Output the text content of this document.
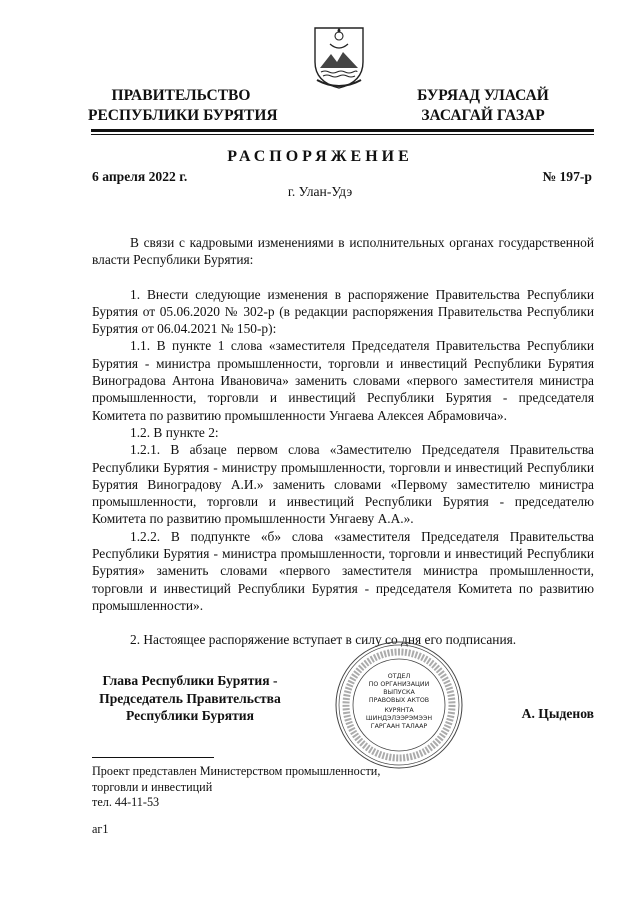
ПРАВИТЕЛЬСТВО
РЕСПУБЛИКИ БУРЯТИЯ
БУРЯАД УЛАСАЙ
ЗАСАГАЙ ГАЗАР
РАСПОРЯЖЕНИЕ
6 апреля 2022 г.	№ 197-р
г. Улан-Удэ

В связи с кадровыми изменениями в исполнительных органах государственной власти Республики Бурятия:

1. Внести следующие изменения в распоряжение Правительства Республики Бурятия от 05.06.2020 № 302-р (в редакции распоряжения Правительства Республики Бурятия от 06.04.2021 № 150-р):

1.1. В пункте 1 слова «заместителя Председателя Правительства Республики Бурятия - министра промышленности, торговли и инвестиций Республики Бурятия Виноградова Антона Ивановича» заменить словами «первого заместителя министра промышленности, торговли и инвестиций Республики Бурятия - председателя Комитета по развитию промышленности Унгаева Алексея Абрамовича».

1.2. В пункте 2:

1.2.1. В абзаце первом слова «Заместителю Председателя Правительства Республики Бурятия - министру промышленности, торговли и инвестиций Республики Бурятия Виноградову А.И.» заменить словами «Первому заместителю министра промышленности, торговли и инвестиций Республики Бурятия - председателю Комитета по развитию промышленности Унгаеву А.А.».

1.2.2. В подпункте «б» слова «заместителя Председателя Правительства Республики Бурятия - министра промышленности, торговли и инвестиций Республики Бурятия» заменить словами «первого заместителя министра промышленности, торговли и инвестиций Республики Бурятия - председателя Комитета по развитию промышленности».

2. Настоящее распоряжение вступает в силу со дня его подписания.

Глава Республики Бурятия -
Председатель Правительства
Республики Бурятия	А. Цыденов
ОТДЕЛ
ПО ОРГАНИЗАЦИИ
ВЫПУСКА
ПРАВОВЫХ АКТОВ
КУРЯНТА
ШИНДЭЛЭЭРЭМЭЭН
ГАРГААН ТАЛААР
Проект представлен Министерством промышленности,
торговли и инвестиций
тел. 44-11-53
аг1
